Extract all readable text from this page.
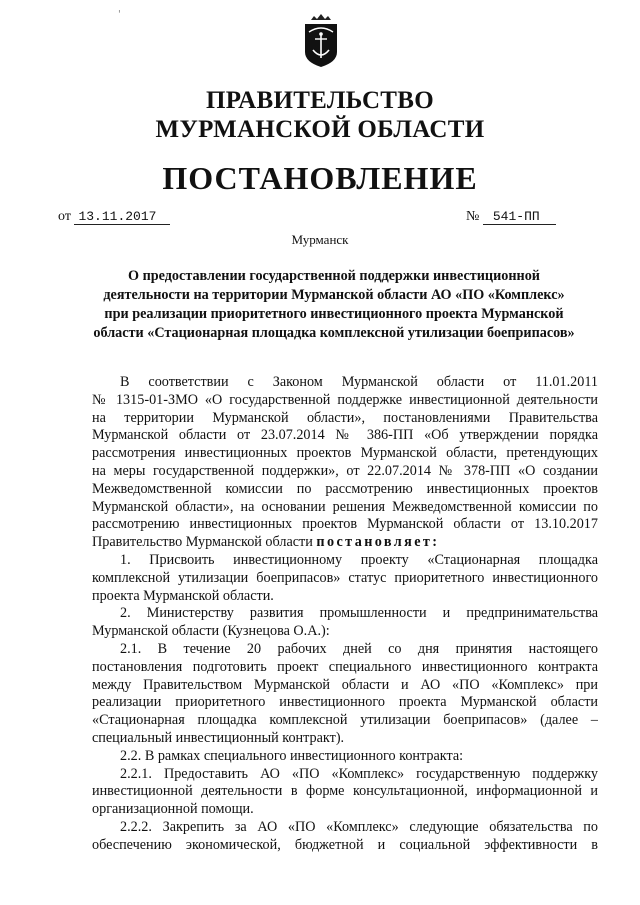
'
ПРАВИТЕЛЬСТВО
МУРМАНСКОЙ ОБЛАСТИ
ПОСТАНОВЛЕНИЕ
от 13.11.2017	№ 541-ПП
Мурманск
О предоставлении государственной поддержки инвестиционной
деятельности на территории Мурманской области АО «ПО «Комплекс»
при реализации приоритетного инвестиционного проекта Мурманской
области «Стационарная площадка комплексной утилизации боеприпасов»
В соответствии с Законом Мурманской области от 11.01.2011
№ 1315-01-ЗМО «О государственной поддержке инвестиционной деятельности
на территории Мурманской области», постановлениями Правительства
Мурманской области от 23.07.2014 № 386-ПП «Об утверждении порядка
рассмотрения инвестиционных проектов Мурманской области, претендующих
на меры государственной поддержки», от 22.07.2014 № 378-ПП «О создании
Межведомственной комиссии по рассмотрению инвестиционных проектов
Мурманской области», на основании решения Межведомственной комиссии по
рассмотрению инвестиционных проектов Мурманской области от 13.10.2017
Правительство Мурманской области постановляет:
1. Присвоить инвестиционному проекту «Стационарная площадка
комплексной утилизации боеприпасов» статус приоритетного инвестиционного
проекта Мурманской области.
2. Министерству развития промышленности и предпринимательства
Мурманской области (Кузнецова О.А.):
2.1. В течение 20 рабочих дней со дня принятия настоящего
постановления подготовить проект специального инвестиционного контракта
между Правительством Мурманской области и АО «ПО «Комплекс» при
реализации приоритетного инвестиционного проекта Мурманской области
«Стационарная площадка комплексной утилизации боеприпасов» (далее –
специальный инвестиционный контракт).
2.2. В рамках специального инвестиционного контракта:
2.2.1. Предоставить АО «ПО «Комплекс» государственную поддержку
инвестиционной деятельности в форме консультационной, информационной и
организационной помощи.
2.2.2. Закрепить за АО «ПО «Комплекс» следующие обязательства по
обеспечению экономической, бюджетной и социальной эффективности в
